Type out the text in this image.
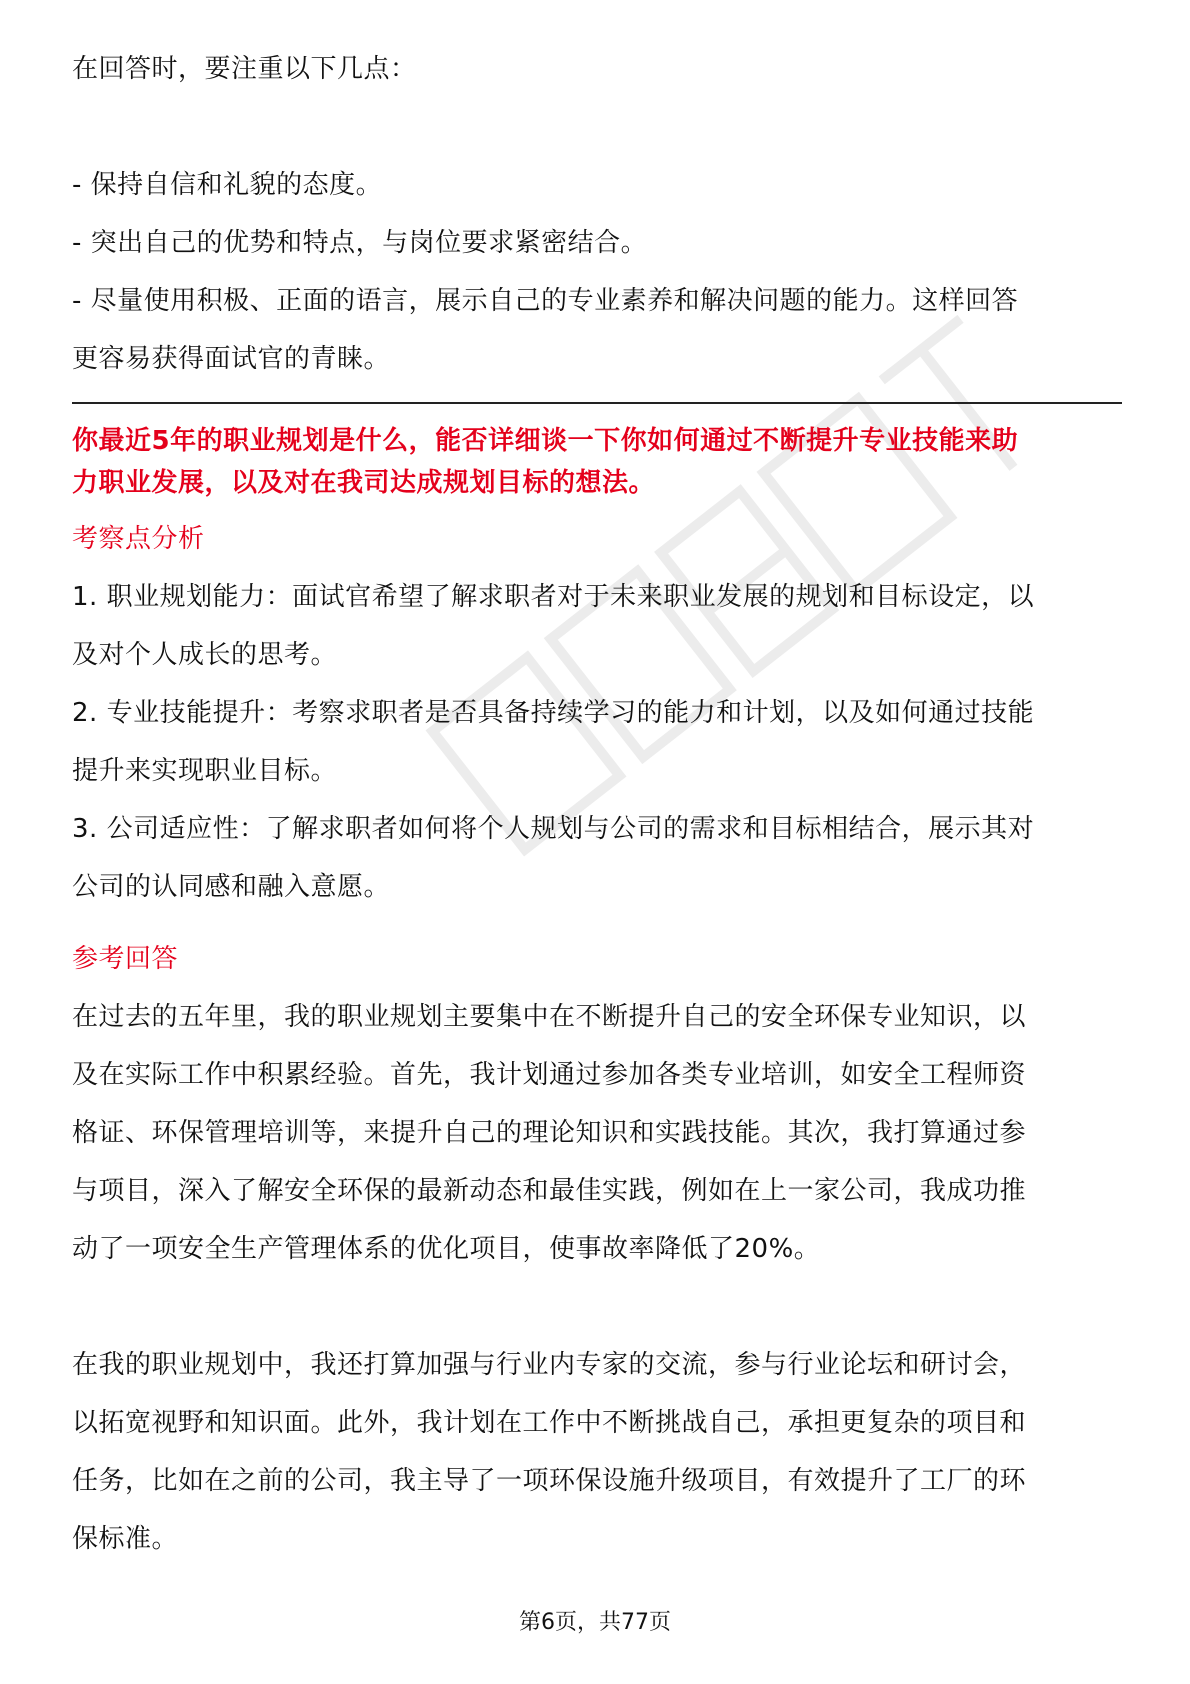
在回答时，要注重以下几点：

- 保持自信和礼貌的态度。

- 突出自己的优势和特点，与岗位要求紧密结合。

- 尽量使用积极、正面的语言，展示自己的专业素养和解决问题的能力。这样回答

更容易获得面试官的青睐。

你最近5年的职业规划是什么，能否详细谈一下你如何通过不断提升专业技能来助

力职业发展，以及对在我司达成规划目标的想法。

考察点分析

1. 职业规划能力：面试官希望了解求职者对于未来职业发展的规划和目标设定，以

及对个人成长的思考。

2. 专业技能提升：考察求职者是否具备持续学习的能力和计划，以及如何通过技能

提升来实现职业目标。

3. 公司适应性：了解求职者如何将个人规划与公司的需求和目标相结合，展示其对

公司的认同感和融入意愿。

参考回答

在过去的五年里，我的职业规划主要集中在不断提升自己的安全环保专业知识，以

及在实际工作中积累经验。首先，我计划通过参加各类专业培训，如安全工程师资

格证、环保管理培训等，来提升自己的理论知识和实践技能。其次，我打算通过参

与项目，深入了解安全环保的最新动态和最佳实践，例如在上一家公司，我成功推

动了一项安全生产管理体系的优化项目，使事故率降低了20%。

在我的职业规划中，我还打算加强与行业内专家的交流，参与行业论坛和研讨会，

以拓宽视野和知识面。此外，我计划在工作中不断挑战自己，承担更复杂的项目和

任务，比如在之前的公司，我主导了一项环保设施升级项目，有效提升了工厂的环

保标准。

第6页，共77页
